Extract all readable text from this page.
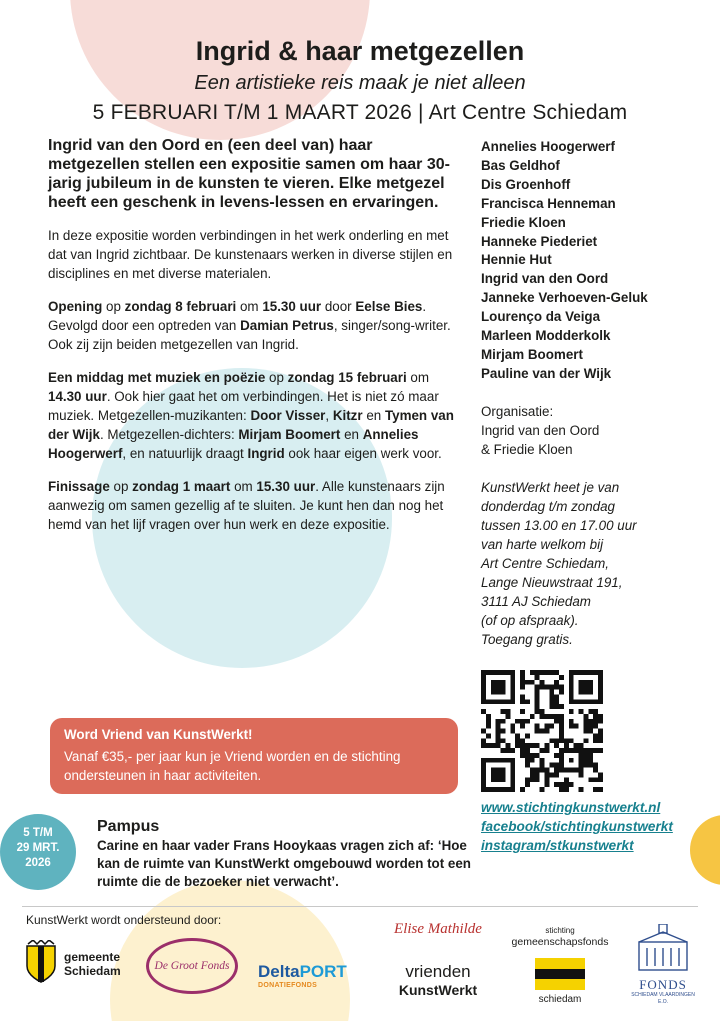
Ingrid & haar metgezellen
Een artistieke reis maak je niet alleen
5 FEBRUARI T/M 1 MAART 2026 | Art Centre Schiedam

Ingrid van den Oord en (een deel van) haar metgezellen stellen een expositie samen om haar 30-jarig jubileum in de kunsten te vieren. Elke metgezel heeft een geschenk in levens-lessen en ervaringen.

In deze expositie worden verbindingen in het werk onderling en met dat van Ingrid zichtbaar. De kunstenaars werken in diverse stijlen en disciplines en met diverse materialen.

Opening op zondag 8 februari om 15.30 uur door Eelse Bies. Gevolgd door een optreden van Damian Petrus, singer/song-writer. Ook zij zijn beiden metgezellen van Ingrid.

Een middag met muziek en poëzie op zondag 15 februari om 14.30 uur. Ook hier gaat het om verbindingen. Het is niet zó maar muziek. Metgezellen-muzikanten: Door Visser, Kitzr en Tymen van der Wijk. Metgezellen-dichters: Mirjam Boomert en Annelies Hoogerwerf, en natuurlijk draagt Ingrid ook haar eigen werk voor.

Finissage op zondag 1 maart om 15.30 uur. Alle kunstenaars zijn aanwezig om samen gezellig af te sluiten. Je kunt hen dan nog het hemd van het lijf vragen over hun werk en deze expositie.

Annelies Hoogerwerf
Bas Geldhof
Dis Groenhoff
Francisca Henneman
Friedie Kloen
Hanneke Piederiet
Hennie Hut
Ingrid van den Oord
Janneke Verhoeven-Geluk
Lourenço da Veiga
Marleen Modderkolk
Mirjam Boomert
Pauline van der Wijk
Organisatie:
Ingrid van den Oord
& Friedie Kloen
KunstWerkt heet je van
donderdag t/m zondag
tussen 13.00 en 17.00 uur
van harte welkom bij
Art Centre Schiedam,
Lange Nieuwstraat 191,
3111 AJ Schiedam
(of op afspraak).
Toegang gratis.
www.stichtingkunstwerkt.nl
facebook/stichtingkunstwerkt
instagram/stkunstwerkt
Word Vriend van KunstWerkt!
Vanaf €35,- per jaar kun je Vriend worden en de stichting ondersteunen in haar activiteiten.
5 T/M
29 MRT.
2026
Pampus
Carine en haar vader Frans Hooykaas vragen zich af: ‘Hoe kan de ruimte van KunstWerkt omgebouwd worden tot een ruimte die de bezoeker niet verwacht’.
KunstWerkt wordt ondersteund door:
gemeente
Schiedam	De Groot Fonds DeltaPORT
DONATIEFONDS
Elise Mathilde
vrienden
KunstWerkt
stichting
gemeenschapsfonds
schiedam
FONDS
SCHIEDAM VLAARDINGEN E.O.
